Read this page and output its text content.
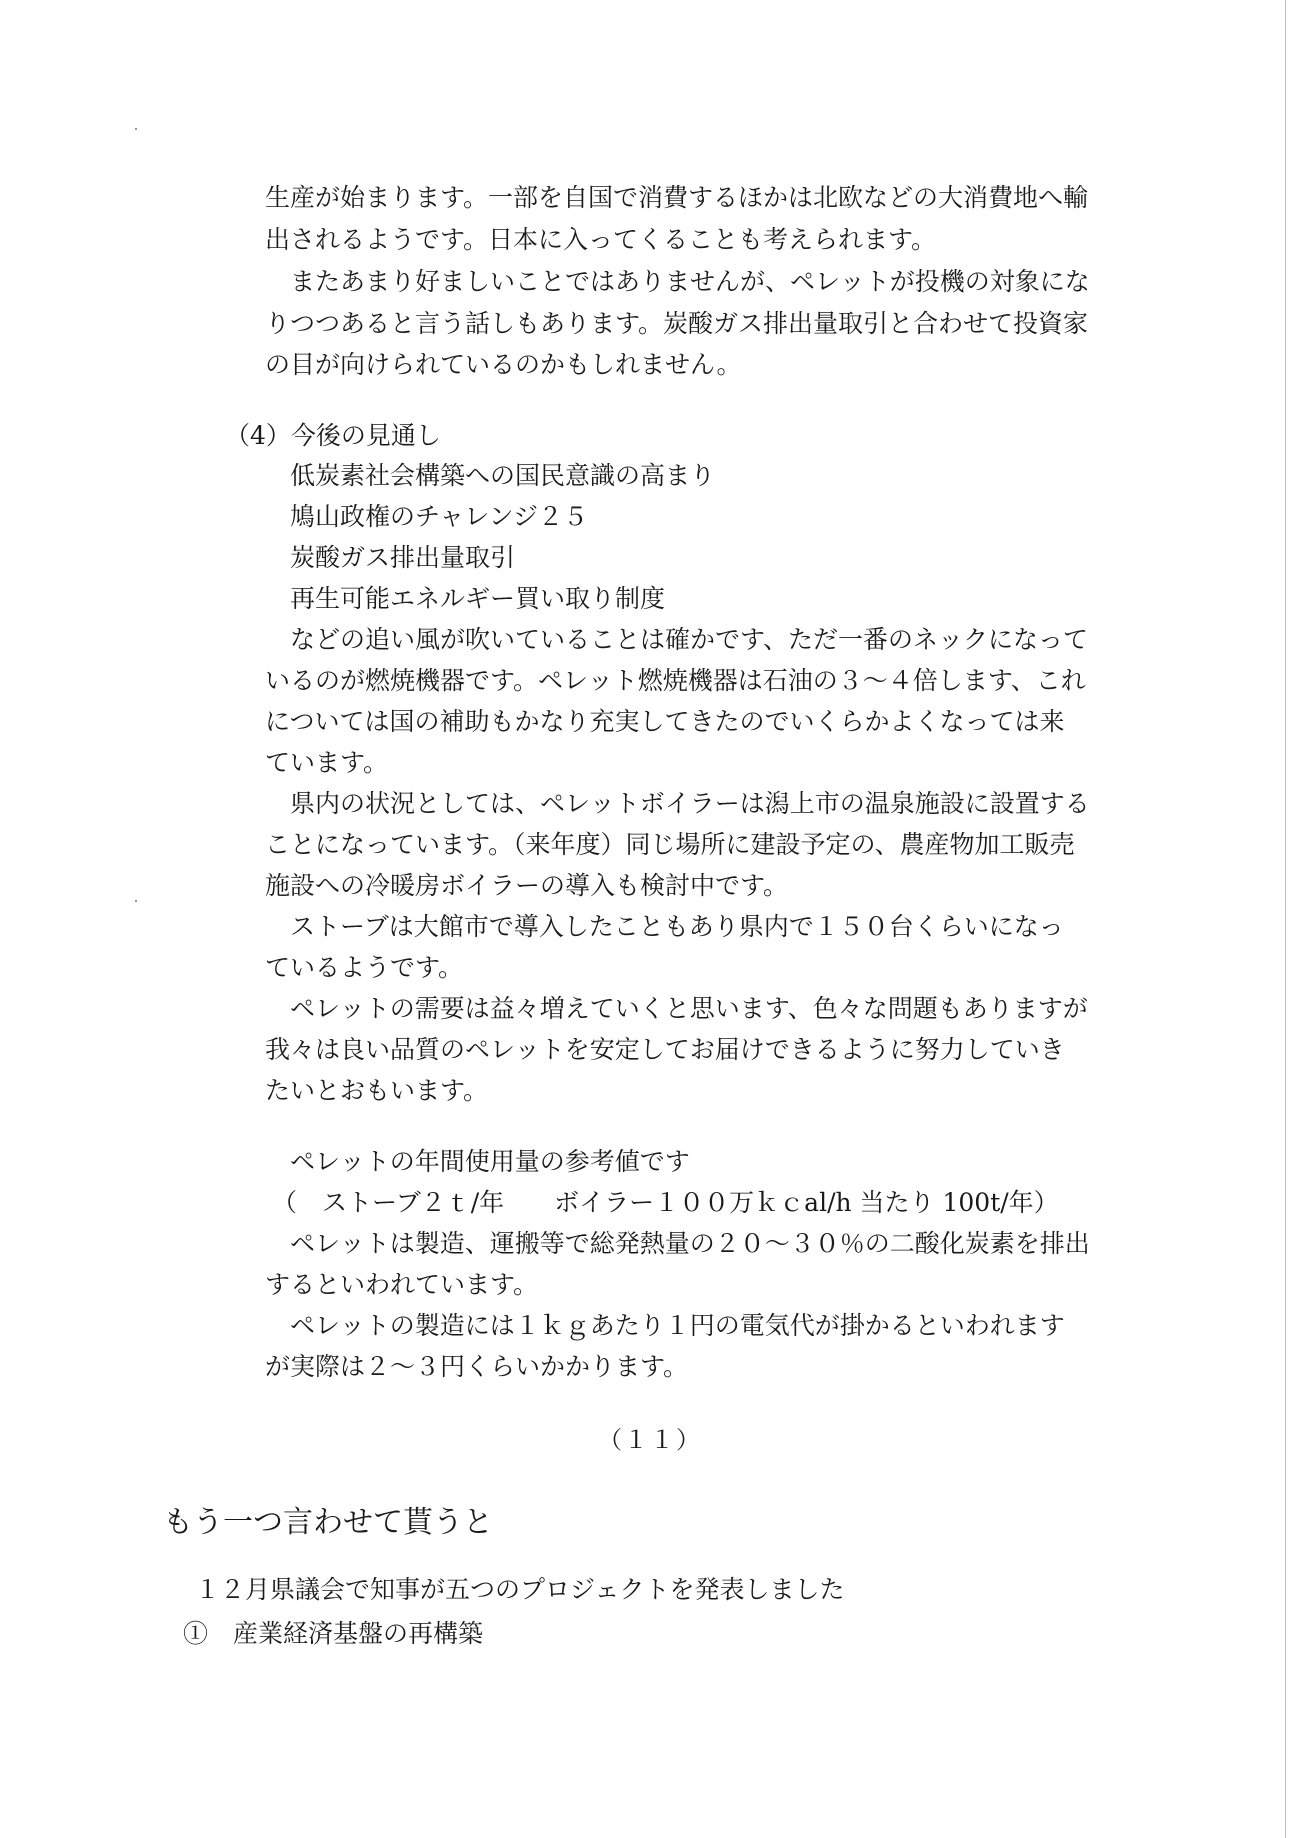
生産が始まります。一部を自国で消費するほかは北欧などの大消費地へ輸
出されるようです。日本に入ってくることも考えられます。
またあまり好ましいことではありませんが、ペレットが投機の対象にな
りつつあると言う話しもあります。炭酸ガス排出量取引と合わせて投資家
の目が向けられているのかもしれません。
（4）今後の見通し
低炭素社会構築への国民意識の高まり
鳩山政権のチャレンジ２５
炭酸ガス排出量取引
再生可能エネルギー買い取り制度
などの追い風が吹いていることは確かです、ただ一番のネックになって
いるのが燃焼機器です。ペレット燃焼機器は石油の３～４倍します、これ
については国の補助もかなり充実してきたのでいくらかよくなっては来
ています。
県内の状況としては、ペレットボイラーは潟上市の温泉施設に設置する
ことになっています。（来年度）同じ場所に建設予定の、農産物加工販売
施設への冷暖房ボイラーの導入も検討中です。
ストーブは大館市で導入したこともあり県内で１５０台くらいになっ
ているようです。
ペレットの需要は益々増えていくと思います、色々な問題もありますが
我々は良い品質のペレットを安定してお届けできるように努力していき
たいとおもいます。
ペレットの年間使用量の参考値です
（　ストーブ２ｔ/年　　ボイラー１００万ｋｃal/h 当たり 100t/年）
ペレットは製造、運搬等で総発熱量の２０～３０％の二酸化炭素を排出
するといわれています。
ペレットの製造には１ｋｇあたり１円の電気代が掛かるといわれます
が実際は２～３円くらいかかります。
（１１）
もう一つ言わせて貰うと
１２月県議会で知事が五つのプロジェクトを発表しました
①　産業経済基盤の再構築
